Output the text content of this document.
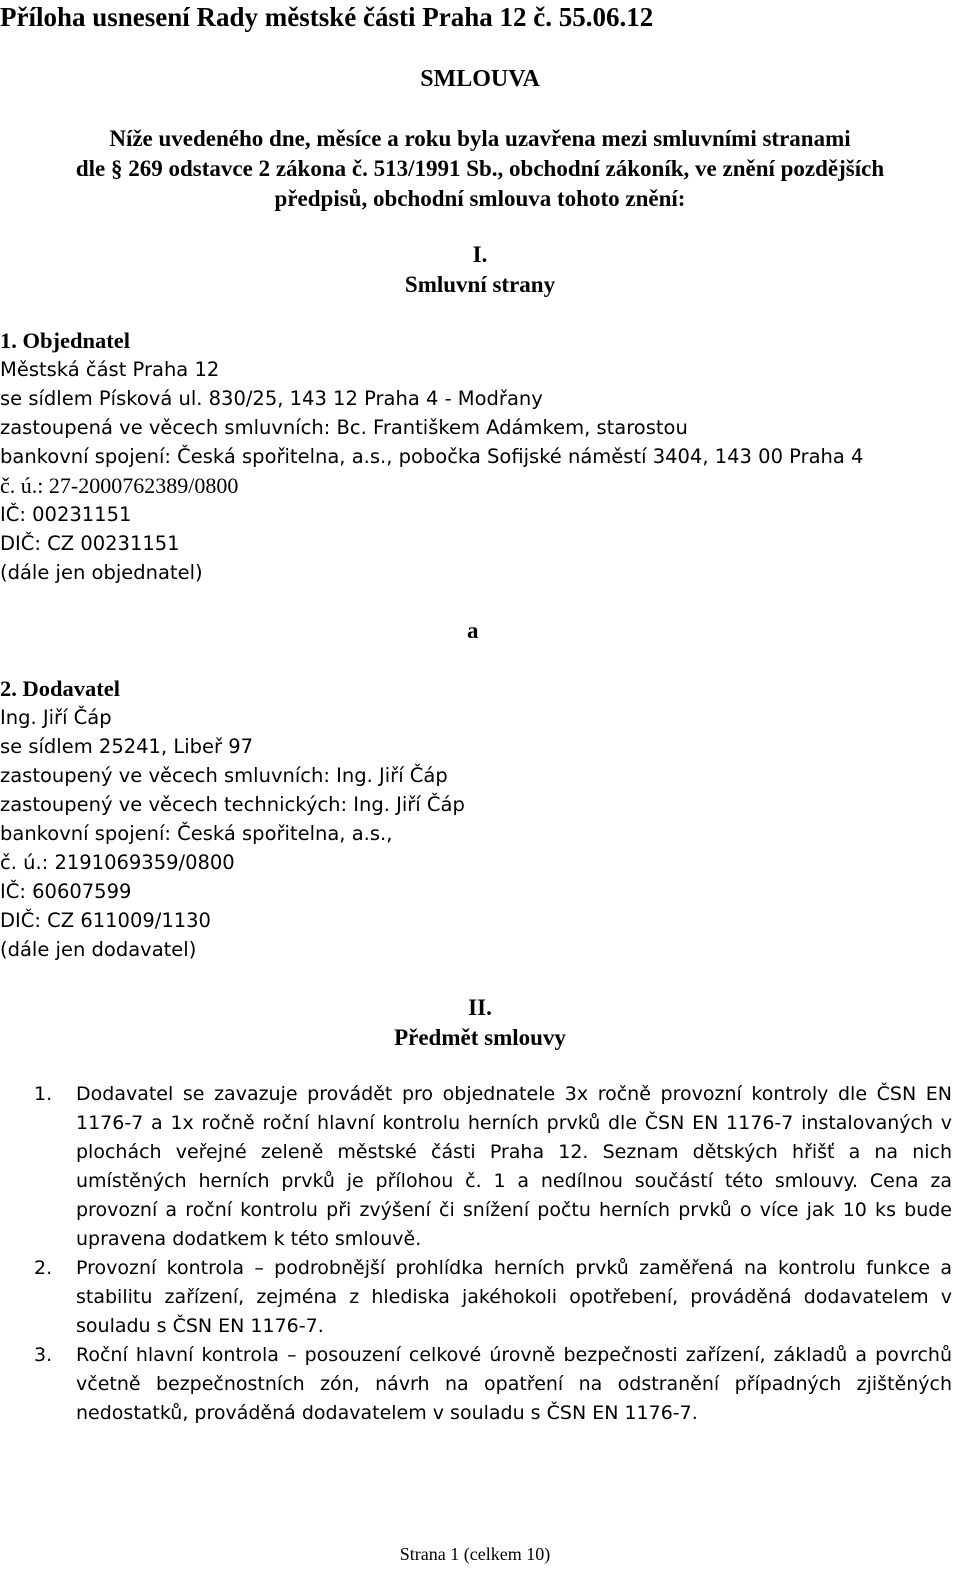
Příloha usnesení Rady městské části Praha 12 č. 55.06.12
SMLOUVA
Níže uvedeného dne, měsíce a roku byla uzavřena mezi smluvními stranami
dle § 269 odstavce 2 zákona č. 513/1991 Sb., obchodní zákoník, ve znění pozdějších
předpisů, obchodní smlouva tohoto znění:
I.
Smluvní strany
1. Objednatel
Městská část Praha 12
se sídlem Písková ul. 830/25, 143 12 Praha 4 - Modřany
zastoupená ve věcech smluvních: Bc. Františkem Adámkem, starostou
bankovní spojení: Česká spořitelna, a.s., pobočka Sofijské náměstí 3404, 143 00 Praha 4
č. ú.: 27-2000762389/0800
IČ: 00231151
DIČ: CZ 00231151
(dále jen objednatel)
a
2. Dodavatel
Ing. Jiří Čáp
se sídlem 25241, Libeř 97
zastoupený ve věcech smluvních: Ing. Jiří Čáp
zastoupený ve věcech technických: Ing. Jiří Čáp
bankovní spojení: Česká spořitelna, a.s.,
č. ú.: 2191069359/0800
IČ: 60607599
DIČ: CZ 611009/1130
(dále jen dodavatel)
II.
Předmět smlouvy
1. Dodavatel se zavazuje provádět pro objednatele 3x ročně provozní kontroly dle ČSN EN 1176-7 a 1x ročně roční hlavní kontrolu herních prvků dle ČSN EN 1176-7 instalovaných v plochách veřejné zeleně městské části Praha 12. Seznam dětských hřišť a na nich umístěných herních prvků je přílohou č. 1 a nedílnou součástí této smlouvy. Cena za provozní a roční kontrolu při zvýšení či snížení počtu herních prvků o více jak 10 ks bude upravena dodatkem k této smlouvě.
2. Provozní kontrola – podrobnější prohlídka herních prvků zaměřená na kontrolu funkce a stabilitu zařízení, zejména z hlediska jakéhokoli opotřebení, prováděná dodavatelem v souladu s ČSN EN 1176-7.
3. Roční hlavní kontrola – posouzení celkové úrovně bezpečnosti zařízení, základů a povrchů včetně bezpečnostních zón, návrh na opatření na odstranění případných zjištěných nedostatků, prováděná dodavatelem v souladu s ČSN EN 1176-7.
Strana 1 (celkem 10)
